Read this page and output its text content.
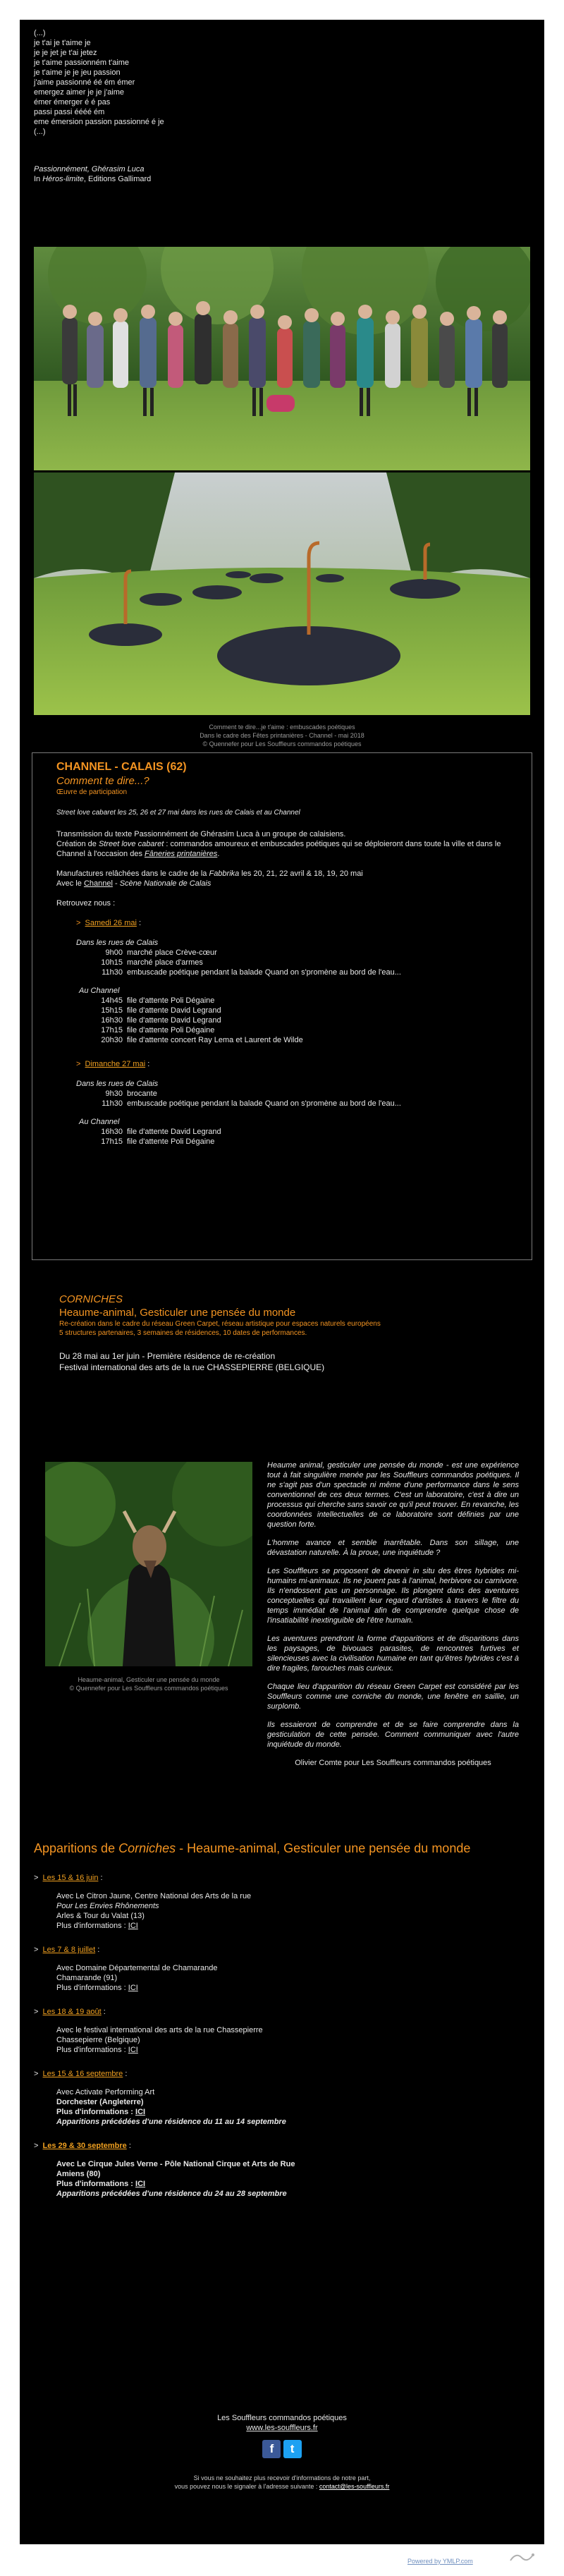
(...)
je t'ai je t'aime je
je je jet je t'ai jetez
je t'aime passionném t'aime
je t'aime je je jeu passion
j'aime passionné éé ém émer
emergez aimer je je j'aime
émer émerger é é pas
passi passi éééé ém
eme émersion passion passionné é je
(...)
Passionnément, Ghérasim Luca
In Héros-limite, Editions Gallimard
Comment te dire...je t'aime : embuscades poétiques
Dans le cadre des Fêtes printanières - Channel - mai 2018
© Quennefer pour Les Souffleurs commandos poétiques
CHANNEL - CALAIS (62)
Comment te dire...?
Œuvre de participation
Street love cabaret les 25, 26 et 27 mai dans les rues de Calais et au Channel
Transmission du texte Passionnément de Ghérasim Luca à un groupe de calaisiens.
Création de Street love cabaret : commandos amoureux et embuscades poétiques qui se déploieront dans toute la ville et dans le Channel à l'occasion des Fâneries printanières.
Manufactures relâchées dans le cadre de la Fabbrika les 20, 21, 22 avril & 18, 19, 20 mai
Avec le Channel - Scène Nationale de Calais
Retrouvez nous :
>  Samedi 26 mai :
Dans les rues de Calais
9h00 marché place Crève-cœur
10h15 marché place d'armes
11h30 embuscade poétique pendant la balade Quand on s'promène au bord de l'eau...
Au Channel
14h45 file d'attente Poli Dégaine
15h15 file d'attente David Legrand
16h30 file d'attente David Legrand
17h15 file d'attente Poli Dégaine
20h30 file d'attente concert Ray Lema et Laurent de Wilde
>  Dimanche 27 mai :
Dans les rues de Calais
9h30 brocante
11h30 embuscade poétique pendant la balade Quand on s'promène au bord de l'eau...
Au Channel
16h30 file d'attente David Legrand
17h15 file d'attente Poli Dégaine
CORNICHES
Heaume-animal, Gesticuler une pensée du monde
Re-création dans le cadre du réseau Green Carpet, réseau artistique pour espaces naturels européens
5 structures partenaires, 3 semaines de résidences, 10 dates de performances.
Du 28 mai au 1er juin - Première résidence de re-création
Festival international des arts de la rue CHASSEPIERRE (BELGIQUE)
Heaume-animal, Gesticuler une pensée du monde
© Quennefer pour Les Souffleurs commandos poétiques

Heaume animal, gesticuler une pensée du monde - est une expérience tout à fait singulière menée par les Souffleurs commandos poétiques. Il ne s'agit pas d'un spectacle ni même d'une performance dans le sens conventionnel de ces deux termes. C'est un laboratoire, c'est à dire un processus qui cherche sans savoir ce qu'il peut trouver. En revanche, les coordonnées intellectuelles de ce laboratoire sont définies par une question forte.

L'homme avance et semble inarrêtable. Dans son sillage, une dévastation naturelle. À la proue, une inquiétude ?

Les Souffleurs se proposent de devenir in situ des êtres hybrides mi-humains mi-animaux. Ils ne jouent pas à l'animal, herbivore ou carnivore. Ils n'endossent pas un personnage. Ils plongent dans des aventures conceptuelles qui travaillent leur regard d'artistes à travers le filtre du temps immédiat de l'animal afin de comprendre quelque chose de l'insatiabilité inextinguible de l'être humain.

Les aventures prendront la forme d'apparitions et de disparitions dans les paysages, de bivouacs parasites, de rencontres furtives et silencieuses avec la civilisation humaine en tant qu'êtres hybrides c'est à dire fragiles, farouches mais curieux.

Chaque lieu d'apparition du réseau Green Carpet est considéré par les Souffleurs comme une corniche du monde, une fenêtre en saillie, un surplomb.

Ils essaieront de comprendre et de se faire comprendre dans la gesticulation de cette pensée. Comment communiquer avec l'autre inquiétude du monde.

Olivier Comte pour Les Souffleurs commandos poétiques

Apparitions de Corniches - Heaume-animal, Gesticuler une pensée du monde
>  Les 15 & 16 juin :
Avec Le Citron Jaune, Centre National des Arts de la rue
Pour Les Envies Rhônements
Arles & Tour du Valat (13)
Plus d'informations : ICI
>  Les 7 & 8 juillet :
Avec Domaine Départemental de Chamarande
Chamarande (91)
Plus d'informations : ICI
>  Les 18 & 19 août :
Avec le festival international des arts de la rue Chassepierre
Chassepierre (Belgique)
Plus d'informations : ICI
>  Les 15 & 16 septembre :
Avec Activate Performing Art
Dorchester (Angleterre)
Plus d'informations : ICI
Apparitions précédées d'une résidence du 11 au 14 septembre
>  Les 29 & 30 septembre :
Avec Le Cirque Jules Verne - Pôle National Cirque et Arts de Rue
Amiens (80)
Plus d'informations : ICI
Apparitions précédées d'une résidence du 24 au 28 septembre
Les Souffleurs commandos poétiques
www.les-souffleurs.fr
f t
Si vous ne souhaitez plus recevoir d'informations de notre part,
vous pouvez nous le signaler à l'adresse suivante : contact@les-souffleurs.fr
Powered by YMLP.com
